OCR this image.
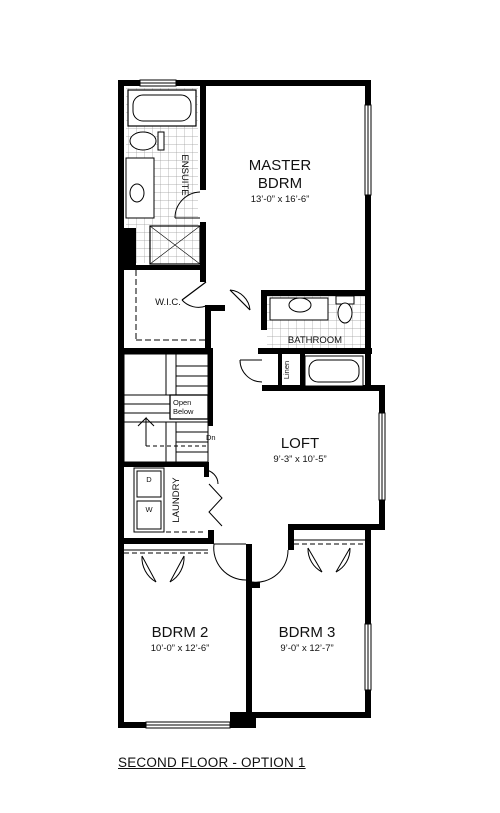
MASTER
BDRM
13’-0” x 16’-6”
ENSUITE
W.I.C.
BATHROOM
Linen
Open
Below
Dn	LOFT
9’-3” x 10’-5”
LAUNDRY
D
W
BDRM 2
10’-0” x 12’-6”
BDRM 3
9’-0” x 12’-7”
SECOND FLOOR - OPTION 1
